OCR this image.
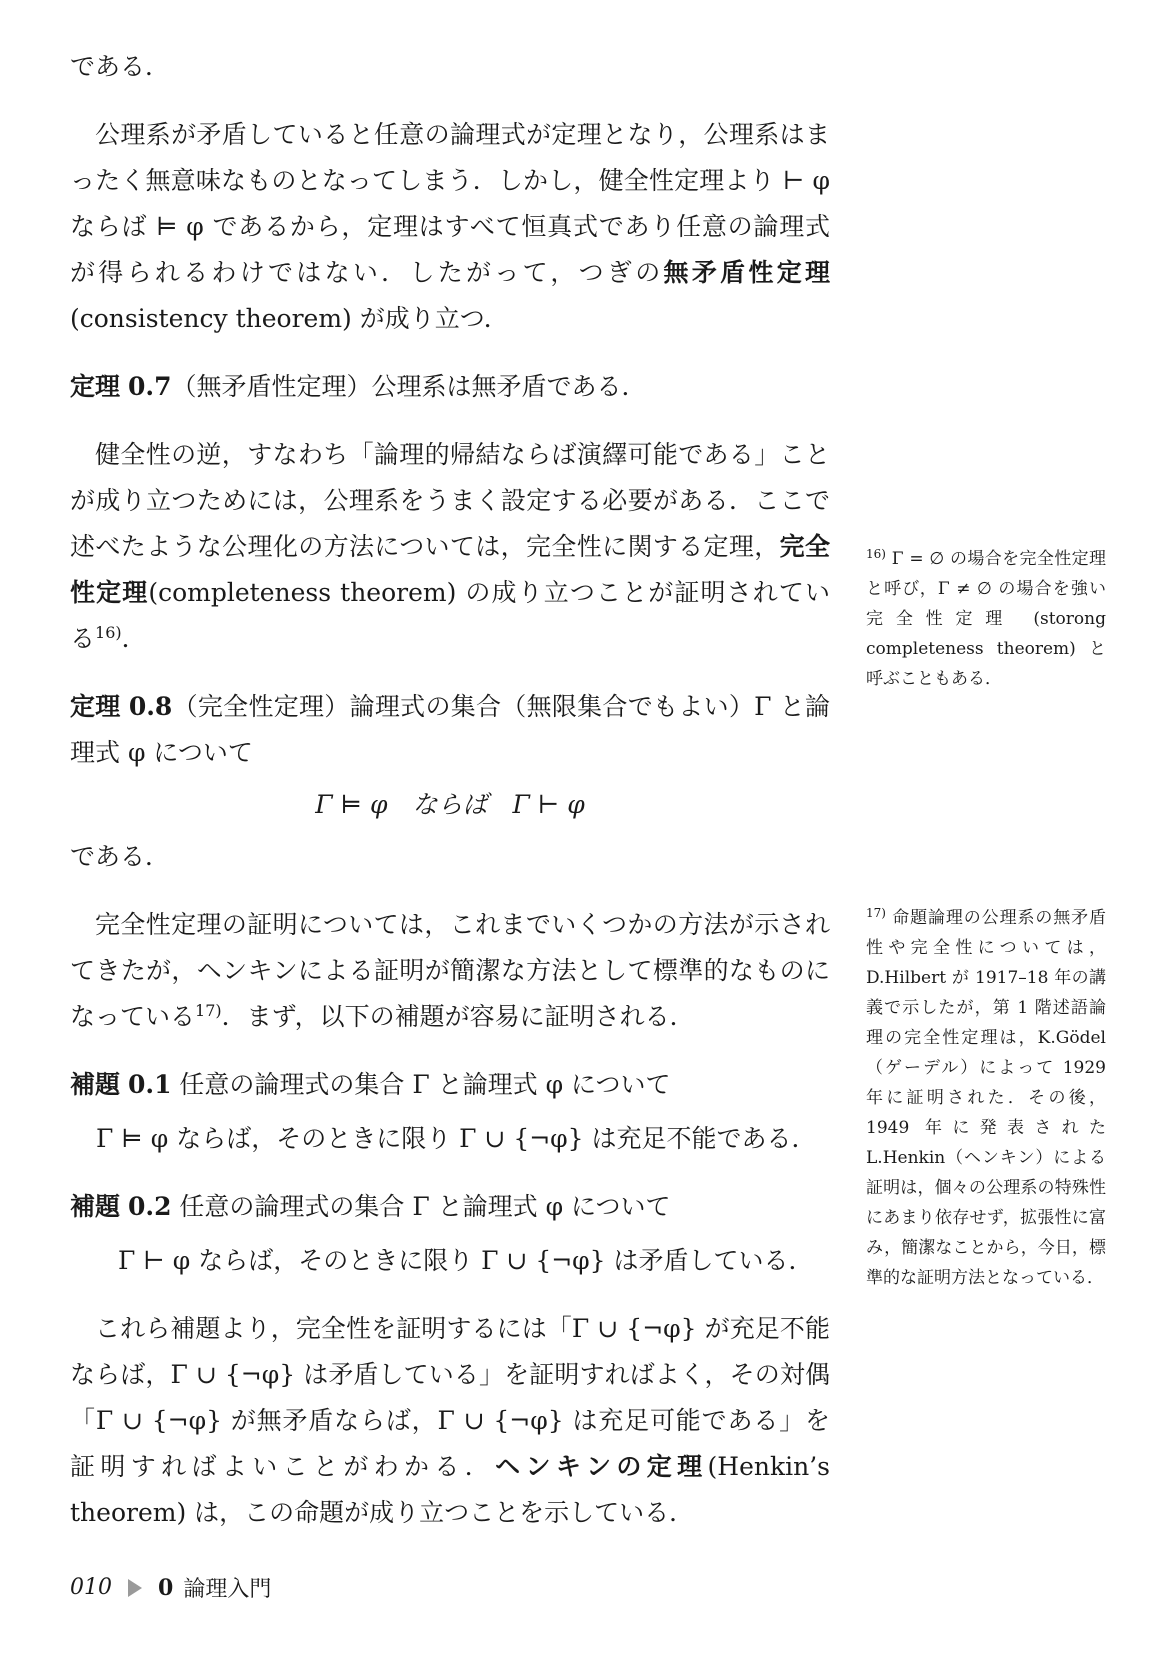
である．

公理系が矛盾していると任意の論理式が定理となり，公理系はまったく無意味なものとなってしまう．しかし，健全性定理より ⊢ φ ならば ⊨ φ であるから，定理はすべて恒真式であり任意の論理式が得られるわけではない．したがって，つぎの無矛盾性定理(consistency theorem) が成り立つ．

定理 0.7（無矛盾性定理）公理系は無矛盾である．

健全性の逆，すなわち「論理的帰結ならば演繹可能である」ことが成り立つためには，公理系をうまく設定する必要がある．ここで述べたような公理化の方法については，完全性に関する定理，完全性定理(completeness theorem) の成り立つことが証明されている$^{16)}$．

定理 0.8（完全性定理）論理式の集合（無限集合でもよい）Γ と論理式 φ について

Γ ⊨ φ　ならば　Γ ⊢ φ

である．

完全性定理の証明については，これまでいくつかの方法が示されてきたが，ヘンキンによる証明が簡潔な方法として標準的なものになっている$^{17)}$．まず，以下の補題が容易に証明される．

補題 0.1 任意の論理式の集合 Γ と論理式 φ について

Γ ⊨ φ ならば，そのときに限り Γ ∪ {¬φ} は充足不能である．

補題 0.2 任意の論理式の集合 Γ と論理式 φ について

Γ ⊢ φ ならば，そのときに限り Γ ∪ {¬φ} は矛盾している．

これら補題より，完全性を証明するには「Γ ∪ {¬φ} が充足不能ならば，Γ ∪ {¬φ} は矛盾している」を証明すればよく，その対偶「Γ ∪ {¬φ} が無矛盾ならば，Γ ∪ {¬φ} は充足可能である」を証明すればよいことがわかる．ヘンキンの定理(Henkin’s theorem) は，この命題が成り立つことを示している．

$^{16)}$ Γ = ∅ の場合を完全性定理と呼び，Γ ≠ ∅ の場合を強い完全性定理 (storong completeness theorem) と呼ぶこともある．
$^{17)}$ 命題論理の公理系の無矛盾性や完全性については，D.Hilbert が 1917–18 年の講義で示したが，第 1 階述語論理の完全性定理は，K.Gödel（ゲーデル）によって 1929 年に証明された．その後，1949 年に発表された L.Henkin（ヘンキン）による証明は，個々の公理系の特殊性にあまり依存せず，拡張性に富み，簡潔なことから，今日，標準的な証明方法となっている．
010 0 論理入門
